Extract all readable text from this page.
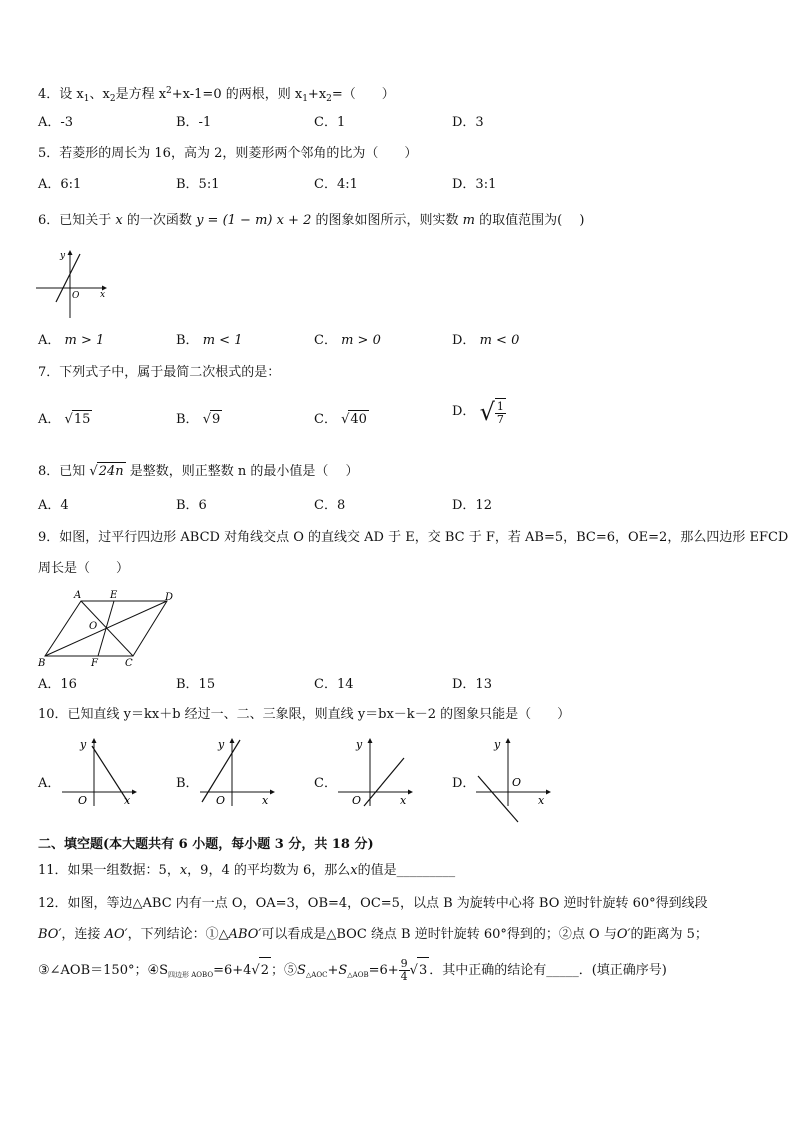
4．设 $x_1$、$x_2$是方程 $x^2+x-1=0$ 的两根，则 $x_1+x_2=$（　　）
A．-3	B．-1	C．1	D．3
5．若菱形的周长为 16，高为 2，则菱形两个邻角的比为（　　）
A．6:1	B．5:1	C．4:1	D．3:1
6．已知关于 x 的一次函数 y = (1 − m) x + 2 的图象如图所示，则实数 m 的取值范围为(　 )
y
O x
A． m > 1	B． m < 1	C． m > 0	D． m < 0
7．下列式子中，属于最简二次根式的是：
A． √15	B． √9	C． √40
D． √ $\frac{1}{7}$
8．已知 √24n 是整数，则正整数 n 的最小值是（　 ）
A．4	B．6	C．8	D．12
9．如图，过平行四边形 ABCD 对角线交点 O 的直线交 AD 于 E，交 BC 于 F，若 AB=5，BC=6，OE=2，那么四边形 EFCD
周长是（　　）
A	E	D
O
B	F	C
A．16	B．15	C．14	D．13
10．已知直线 y＝kx＋b 经过一、二、三象限，则直线 y＝bx－k－2 的图象只能是（　　）
A．
y
O	x
B．
y
O	x
C．
y
O	x
D．
y
O
x
二、填空题(本大题共有 6 小题，每小题 3 分，共 18 分)
11．如果一组数据：5，x，9，4 的平均数为 6，那么x的值是_________
12．如图，等边△ABC 内有一点 O，OA=3，OB=4，OC=5，以点 B 为旋转中心将 BO 逆时针旋转 60°得到线段
BO′，连接 AO′，下列结论：①△ABO′可以看成是△BOC 绕点 B 逆时针旋转 60°得到的；②点 O 与O′的距离为 5；
③∠AOB＝150°；$④S_{四边形 AOBO}=6+4√2$ ；$⑤S_{\triangle AOC}+S_{\triangle AOB}=6+ \frac{9}{4} √3$ ．其中正确的结论有_____．(填正确序号)
